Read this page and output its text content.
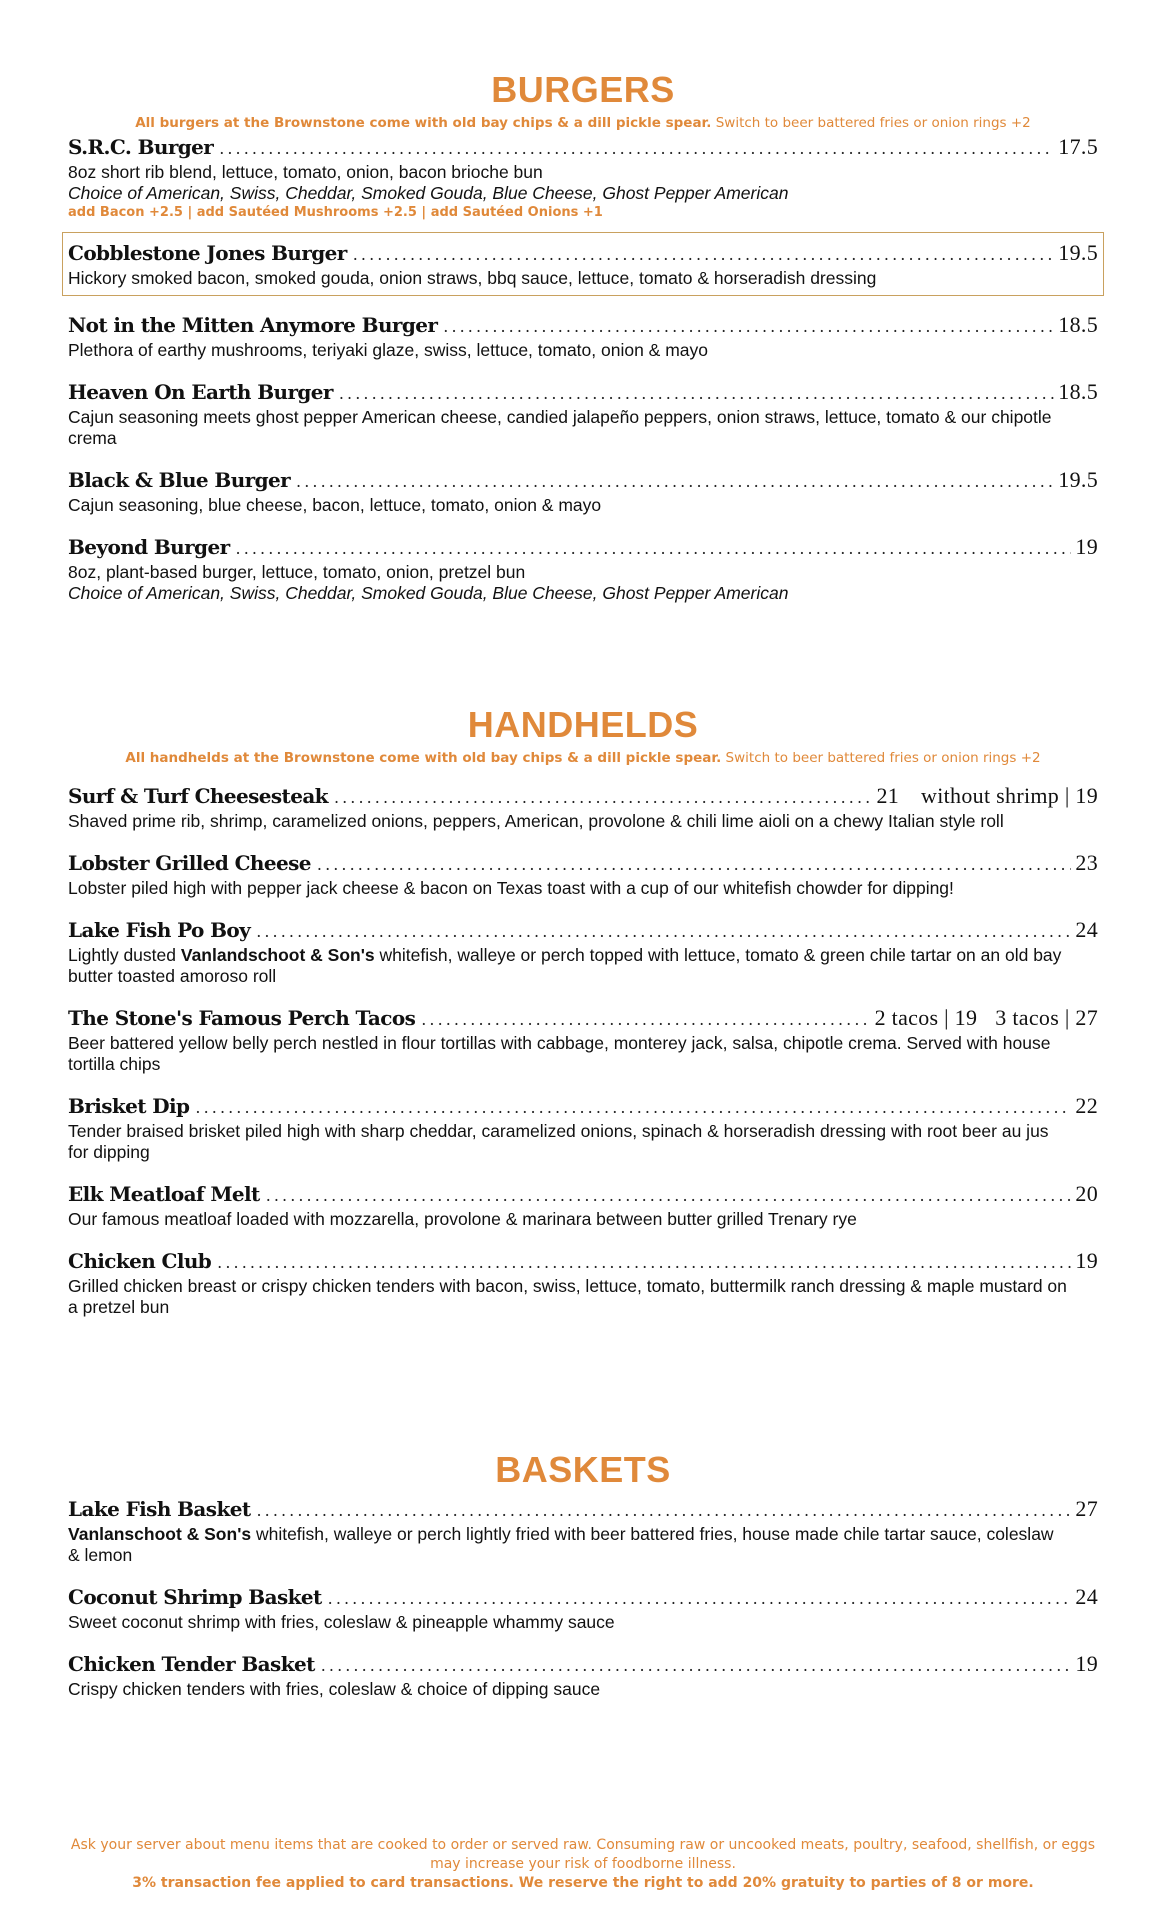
BURGERS
All burgers at the Brownstone come with old bay chips & a dill pickle spear. Switch to beer battered fries or onion rings +2
S.R.C. Burger . . .	17.5
8oz short rib blend, lettuce, tomato, onion, bacon brioche bun
Choice of American, Swiss, Cheddar, Smoked Gouda, Blue Cheese, Ghost Pepper American
add Bacon +2.5 | add Sautéed Mushrooms +2.5 | add Sautéed Onions +1
Cobblestone Jones Burger . . .	19.5
Hickory smoked bacon, smoked gouda, onion straws, bbq sauce, lettuce, tomato & horseradish dressing
Not in the Mitten Anymore Burger . . .	18.5
Plethora of earthy mushrooms, teriyaki glaze, swiss, lettuce, tomato, onion & mayo
Heaven On Earth Burger . . .	18.5
Cajun seasoning meets ghost pepper American cheese, candied jalapeño peppers, onion straws, lettuce, tomato & our chipotle crema
Black & Blue Burger . . .	19.5
Cajun seasoning, blue cheese, bacon, lettuce, tomato, onion & mayo
Beyond Burger . . .	19
8oz, plant-based burger, lettuce, tomato, onion, pretzel bun
Choice of American, Swiss, Cheddar, Smoked Gouda, Blue Cheese, Ghost Pepper American
HANDHELDS
All handhelds at the Brownstone come with old bay chips & a dill pickle spear. Switch to beer battered fries or onion rings +2
Surf & Turf Cheesesteak . . .	21 without shrimp | 19
Shaved prime rib, shrimp, caramelized onions, peppers, American, provolone & chili lime aioli on a chewy Italian style roll
Lobster Grilled Cheese . . .	23
Lobster piled high with pepper jack cheese & bacon on Texas toast with a cup of our whitefish chowder for dipping!
Lake Fish Po Boy . . .	24
Lightly dusted Vanlandschoot & Son's whitefish, walleye or perch topped with lettuce, tomato & green chile tartar on an old bay butter toasted amoroso roll
The Stone's Famous Perch Tacos . . .	2 tacos | 19 3 tacos | 27
Beer battered yellow belly perch nestled in flour tortillas with cabbage, monterey jack, salsa, chipotle crema. Served with house tortilla chips
Brisket Dip . . .	22
Tender braised brisket piled high with sharp cheddar, caramelized onions, spinach & horseradish dressing with root beer au jus for dipping
Elk Meatloaf Melt . . .	20
Our famous meatloaf loaded with mozzarella, provolone & marinara between butter grilled Trenary rye
Chicken Club . . .	19
Grilled chicken breast or crispy chicken tenders with bacon, swiss, lettuce, tomato, buttermilk ranch dressing & maple mustard on a pretzel bun
BASKETS
Lake Fish Basket . . .	27
Vanlanschoot & Son's whitefish, walleye or perch lightly fried with beer battered fries, house made chile tartar sauce, coleslaw & lemon
Coconut Shrimp Basket . . .	24
Sweet coconut shrimp with fries, coleslaw & pineapple whammy sauce
Chicken Tender Basket . . .	19
Crispy chicken tenders with fries, coleslaw & choice of dipping sauce
Ask your server about menu items that are cooked to order or served raw. Consuming raw or uncooked meats, poultry, seafood, shellfish, or eggs may increase your risk of foodborne illness.
3% transaction fee applied to card transactions. We reserve the right to add 20% gratuity to parties of 8 or more.
